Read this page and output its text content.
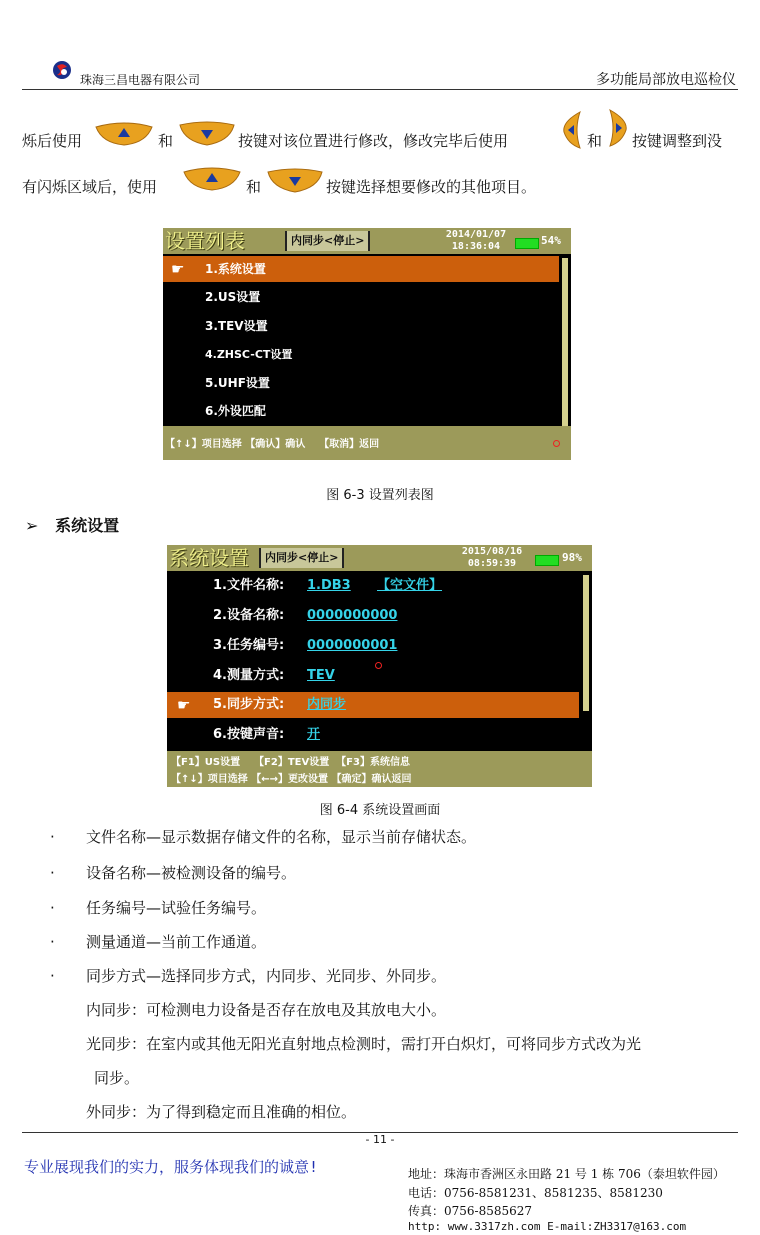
珠海三昌电器有限公司	多功能局部放电巡检仪
烁后使用	和	按键对该位置进行修改，修改完毕后使用	和 按键调整到没
有闪烁区域后，使用	和	按键选择想要修改的其他项目。
设置列表	内同步<停止>	2014/01/07
18:36:04	54%
☛ 1.系统设置
2.US设置
3.TEV设置
4.ZHSC-CT设置
5.UHF设置
6.外设匹配
【↑↓】项目选择 【确认】确认    【取消】返回
图 6-3 设置列表图
➢ 系统设置
系统设置	内同步<停止>	2015/08/16
08:59:39	98%
1.文件名称: 1.DB3 【空文件】
2.设备名称: 0000000000
3.任务编号: 0000000001
4.测量方式: TEV
☛ 5.同步方式: 内同步
6.按键声音: 开
【F1】US设置    【F2】TEV设置  【F3】系统信息
【↑↓】项目选择 【←→】更改设置 【确定】确认返回
图 6-4 系统设置画面
· 文件名称—显示数据存储文件的名称，显示当前存储状态。
· 设备名称—被检测设备的编号。
· 任务编号—试验任务编号。
· 测量通道—当前工作通道。
· 同步方式—选择同步方式，内同步、光同步、外同步。
内同步：可检测电力设备是否存在放电及其放电大小。
光同步：在室内或其他无阳光直射地点检测时，需打开白炽灯，可将同步方式改为光
同步。
外同步：为了得到稳定而且准确的相位。
- 11 -
专业展现我们的实力，服务体现我们的诚意!	地址：珠海市香洲区永田路 21 号 1 栋 706（泰坦软件园）
电话：0756-8581231、8581235、8581230
传真：0756-8585627
http: www.3317zh.com E-mail:ZH3317@163.com
